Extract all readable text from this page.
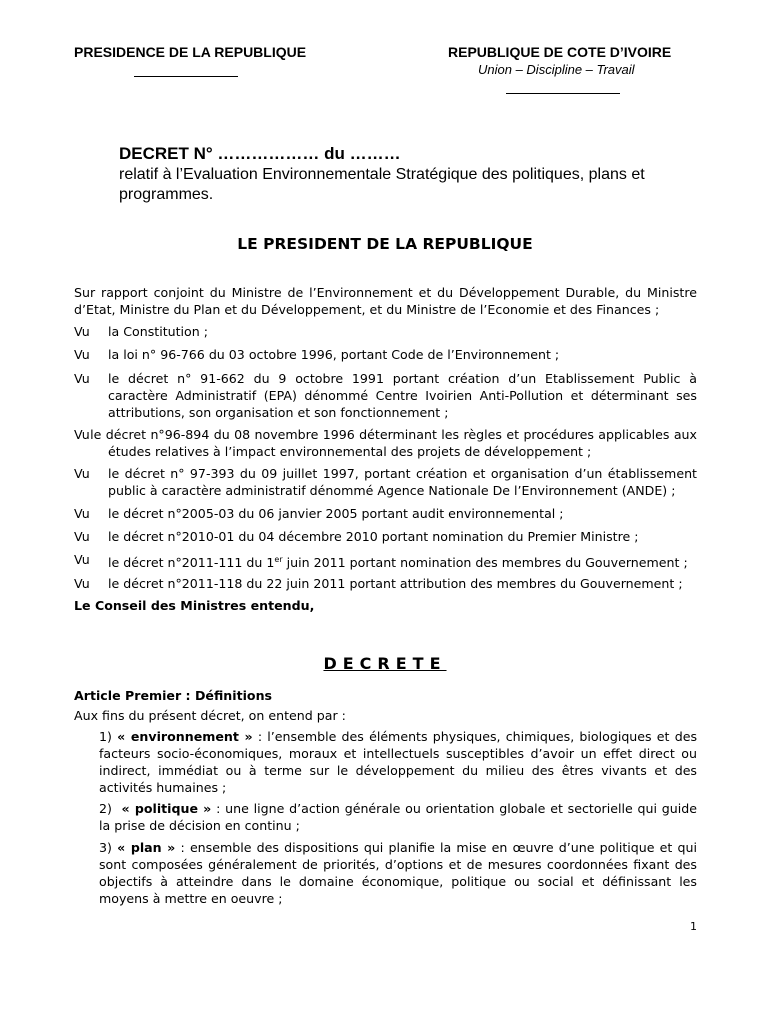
PRESIDENCE DE LA REPUBLIQUE	REPUBLIQUE DE COTE D’IVOIRE
Union – Discipline – Travail
DECRET N° ……………… du ………
relatif à l’Evaluation Environnementale Stratégique des politiques, plans et programmes.
LE PRESIDENT DE LA REPUBLIQUE
Sur rapport conjoint du Ministre de l’Environnement et du Développement Durable, du Ministre d’Etat, Ministre du Plan et du Développement, et du Ministre de l’Economie et des Finances ;
Vu la Constitution ;
Vu la loi n° 96-766 du 03 octobre 1996, portant Code de l’Environnement ;
Vu le décret n° 91-662 du 9 octobre 1991 portant création d’un Etablissement Public à caractère Administratif (EPA) dénommé Centre Ivoirien Anti-Pollution et déterminant ses attributions, son organisation et son fonctionnement ;
Vu le décret n°96-894 du 08 novembre 1996 déterminant les règles et procédures applicables aux études relatives à l’impact environnemental des projets de développement ;
Vu le décret n° 97-393 du 09 juillet 1997, portant création et organisation d’un établissement public à caractère administratif dénommé Agence Nationale De l’Environnement (ANDE) ;
Vu le décret n°2005-03 du 06 janvier 2005 portant audit environnemental ;
Vu le décret n°2010-01 du 04 décembre 2010 portant nomination du Premier Ministre ;
Vu le décret n°2011-111 du 1er juin 2011 portant nomination des membres du Gouvernement ;
Vu le décret n°2011-118 du 22 juin 2011 portant attribution des membres du Gouvernement ;
Le Conseil des Ministres entendu,
DECRETE
Article Premier : Définitions
Aux fins du présent décret, on entend par :
1) « environnement » : l’ensemble des éléments physiques, chimiques, biologiques et des facteurs socio-économiques, moraux et intellectuels susceptibles d’avoir un effet direct ou indirect, immédiat ou à terme sur le développement du milieu des êtres vivants et des activités humaines ;
2) « politique » : une ligne d’action générale ou orientation globale et sectorielle qui guide la prise de décision en continu ;
3) « plan » : ensemble des dispositions qui planifie la mise en œuvre d’une politique et qui sont composées généralement de priorités, d’options et de mesures coordonnées fixant des objectifs à atteindre dans le domaine économique, politique ou social et définissant les moyens à mettre en oeuvre ;
1
